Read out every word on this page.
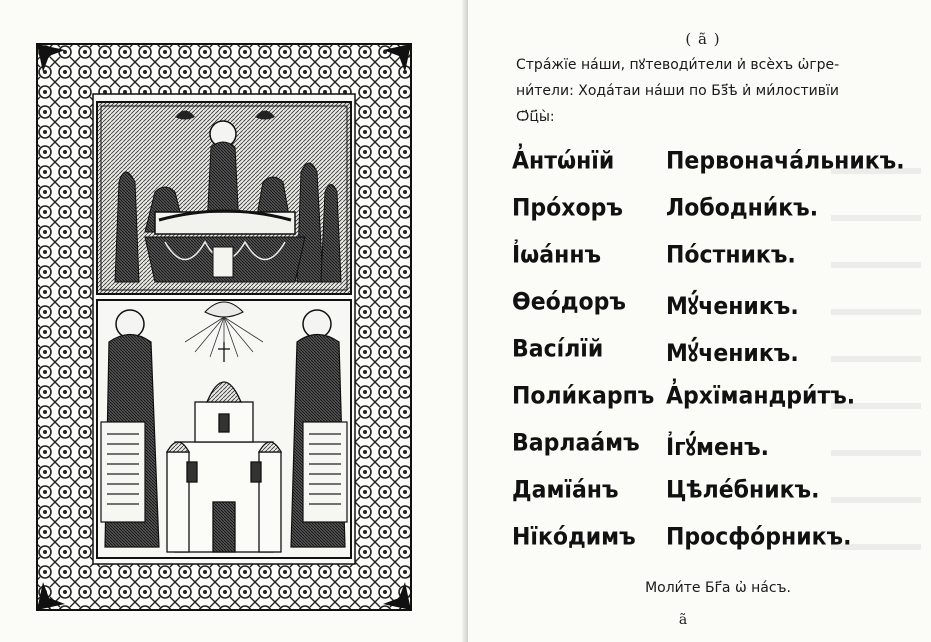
( а̃ )
Стра́жїе на́ши, пꙋтеводи́тели и҆ всѐхъ ѡ҆гре-
ни́тели: Хода́таи на́ши по Бз҃ѣ и҆ ми́лостивїи
Ѻ҆ц҃ы̀:
А̓нтѡ́нїй Первонача́льникъ.
Про́хоръ Лободни́къ.
І҆ѡа́ннъ	По́стникъ.
Ѳео́доръ Мꙋ́ченикъ.
Васі́лїй	Мꙋ́ченикъ.
Поли́карпъ А̓рхїмандри́тъ.
Варлаа́мъ І҆гꙋ́менъ.
Дамїа́нъ Цѣле́бникъ.
Нїко́димъ Просфо́рникъ.
Моли́те Бг҃а ѡ҆ на́съ.
а̃
